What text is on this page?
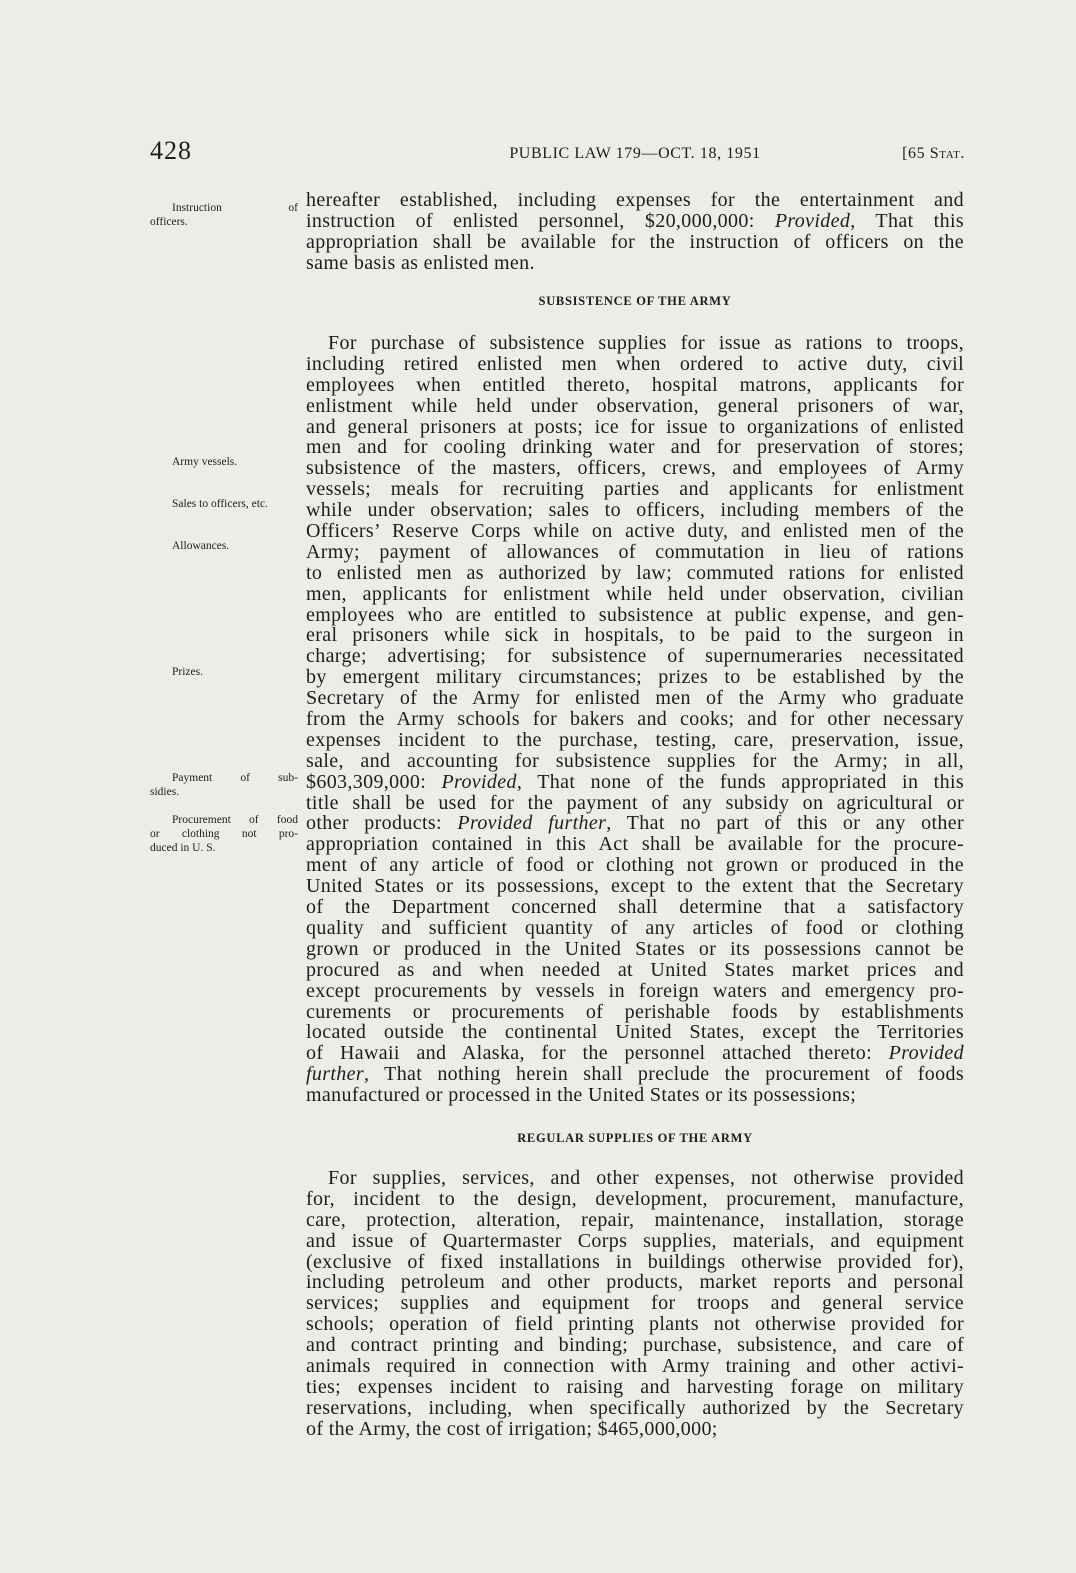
428	PUBLIC LAW 179—OCT. 18, 1951	[65 Stat.
Instruction of
officers.
Army vessels.
Sales to officers, etc.
Allowances.
Prizes.
Payment of sub-
sidies.
Procurement of food
or clothing not pro-
duced in U. S.
hereafter established, including expenses for the entertainment and
instruction of enlisted personnel, $20,000,000: Provided, That this
appropriation shall be available for the instruction of officers on the
same basis as enlisted men.
SUBSISTENCE OF THE ARMY
For purchase of subsistence supplies for issue as rations to troops,
including retired enlisted men when ordered to active duty, civil
employees when entitled thereto, hospital matrons, applicants for
enlistment while held under observation, general prisoners of war,
and general prisoners at posts; ice for issue to organizations of enlisted
men and for cooling drinking water and for preservation of stores;
subsistence of the masters, officers, crews, and employees of Army
vessels; meals for recruiting parties and applicants for enlistment
while under observation; sales to officers, including members of the
Officers’ Reserve Corps while on active duty, and enlisted men of the
Army; payment of allowances of commutation in lieu of rations
to enlisted men as authorized by law; commuted rations for enlisted
men, applicants for enlistment while held under observation, civilian
employees who are entitled to subsistence at public expense, and gen-
eral prisoners while sick in hospitals, to be paid to the surgeon in
charge; advertising; for subsistence of supernumeraries necessitated
by emergent military circumstances; prizes to be established by the
Secretary of the Army for enlisted men of the Army who graduate
from the Army schools for bakers and cooks; and for other necessary
expenses incident to the purchase, testing, care, preservation, issue,
sale, and accounting for subsistence supplies for the Army; in all,
$603,309,000: Provided, That none of the funds appropriated in this
title shall be used for the payment of any subsidy on agricultural or
other products: Provided further, That no part of this or any other
appropriation contained in this Act shall be available for the procure-
ment of any article of food or clothing not grown or produced in the
United States or its possessions, except to the extent that the Secretary
of the Department concerned shall determine that a satisfactory
quality and sufficient quantity of any articles of food or clothing
grown or produced in the United States or its possessions cannot be
procured as and when needed at United States market prices and
except procurements by vessels in foreign waters and emergency pro-
curements or procurements of perishable foods by establishments
located outside the continental United States, except the Territories
of Hawaii and Alaska, for the personnel attached thereto: Provided
further, That nothing herein shall preclude the procurement of foods
manufactured or processed in the United States or its possessions;
REGULAR SUPPLIES OF THE ARMY
For supplies, services, and other expenses, not otherwise provided
for, incident to the design, development, procurement, manufacture,
care, protection, alteration, repair, maintenance, installation, storage
and issue of Quartermaster Corps supplies, materials, and equipment
(exclusive of fixed installations in buildings otherwise provided for),
including petroleum and other products, market reports and personal
services; supplies and equipment for troops and general service
schools; operation of field printing plants not otherwise provided for
and contract printing and binding; purchase, subsistence, and care of
animals required in connection with Army training and other activi-
ties; expenses incident to raising and harvesting forage on military
reservations, including, when specifically authorized by the Secretary
of the Army, the cost of irrigation; $465,000,000;
